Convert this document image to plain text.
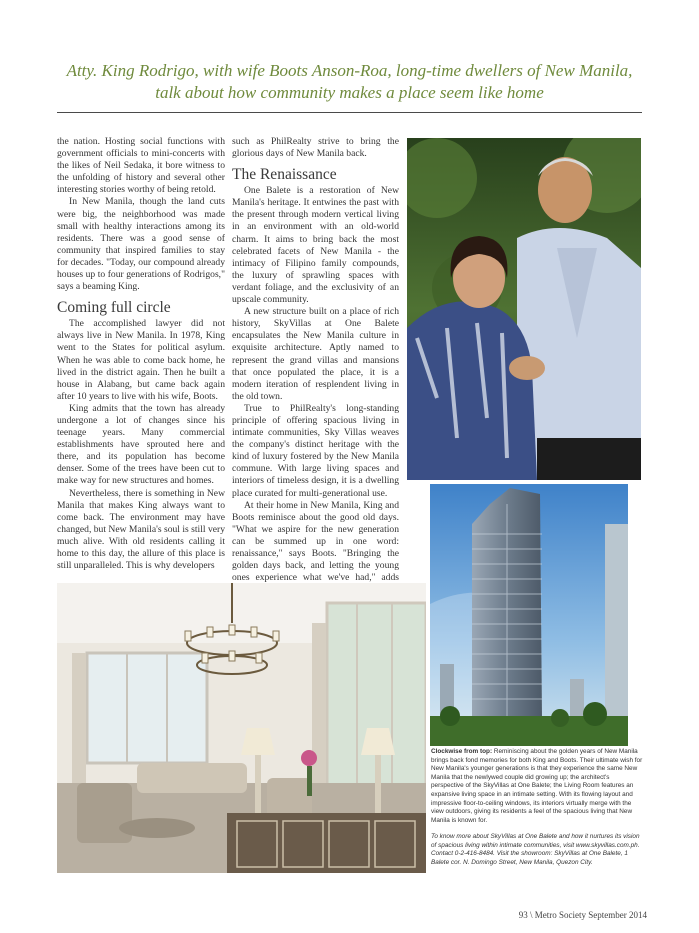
Atty. King Rodrigo, with wife Boots Anson-Roa, long-time dwellers of New Manila,
talk about how community makes a place seem like home

the nation. Hosting social functions with government officials to mini-concerts with the likes of Neil Sedaka, it bore witness to the unfolding of history and several other interesting stories worthy of being retold.

In New Manila, though the land cuts were big, the neighborhood was made small with healthy interactions among its residents. There was a good sense of community that inspired families to stay for decades. "Today, our compound already houses up to four generations of Rodrigos," says a beaming King.

Coming full circle

The accomplished lawyer did not always live in New Manila. In 1978, King went to the States for political asylum. When he was able to come back home, he lived in the district again. Then he built a house in Alabang, but came back again after 10 years to live with his wife, Boots.

King admits that the town has already undergone a lot of changes since his teenage years. Many commercial establishments have sprouted here and there, and its population has become denser. Some of the trees have been cut to make way for new structures and homes.

Nevertheless, there is something in New Manila that makes King always want to come back. The environment may have changed, but New Manila's soul is still very much alive. With old residents calling it home to this day, the allure of this place is still unparalleled. This is why developers

such as PhilRealty strive to bring the glorious days of New Manila back.

The Renaissance

One Balete is a restoration of New Manila's heritage. It entwines the past with the present through modern vertical living in an environment with an old-world charm. It aims to bring back the most celebrated facets of New Manila - the intimacy of Filipino family compounds, the luxury of sprawling spaces with verdant foliage, and the exclusivity of an upscale community.

A new structure built on a place of rich history, SkyVillas at One Balete encapsulates the New Manila culture in exquisite architecture. Aptly named to represent the grand villas and mansions that once populated the place, it is a modern iteration of resplendent living in the old town.

True to PhilRealty's long-standing principle of offering spacious living in intimate communities, Sky Villas weaves the company's distinct heritage with the kind of luxury fostered by the New Manila commune. With large living spaces and interiors of timeless design, it is a dwelling place curated for multi-generational use.

At their home in New Manila, King and Boots reminisce about the good old days. "What we aspire for the new generation can be summed up in one word: renaissance," says Boots. "Bringing the golden days back, and letting the young ones experience what we've had," adds

Clockwise from top: Reminiscing about the golden years of New Manila brings back fond memories for both King and Boots. Their ultimate wish for New Manila's younger generations is that they experience the same New Manila that the newlywed couple did growing up; the architect's perspective of the SkyVillas at One Balete; the Living Room features an expansive living space in an intimate setting. With its flowing layout and impressive floor-to-ceiling windows, its interiors virtually merge with the view outdoors, giving its residents a feel of the spacious living that New Manila is known for.
To know more about SkyVillas at One Balete and how it nurtures its vision of spacious living within intimate communities, visit www.skyvillas.com.ph. Contact 0-2-416-8484. Visit the showroom: SkyVillas at One Balete, 1 Balete cor. N. Domingo Street, New Manila, Quezon City.
93 \ Metro Society September 2014
